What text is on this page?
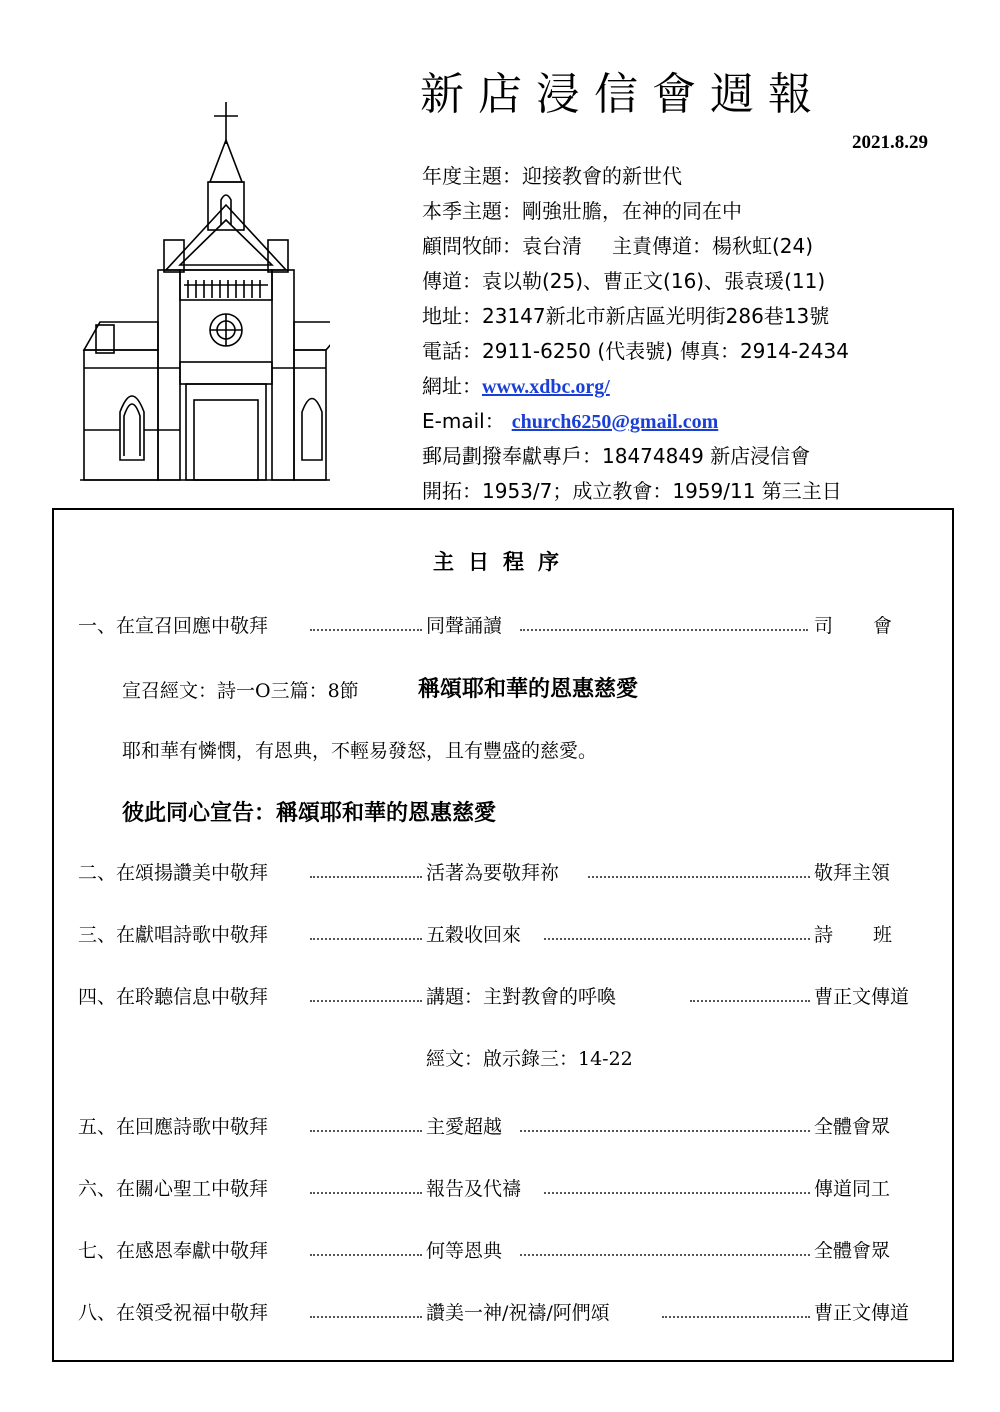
新店浸信會週報
2021.8.29
年度主題：迎接教會的新世代
本季主題：剛強壯膽，在神的同在中
顧問牧師：袁台清 主責傳道：楊秋虹(24)
傳道：袁以勒(25)、曹正文(16)、張袁瑗(11)
地址：23147新北市新店區光明街286巷13號
電話：2911-6250 (代表號) 傳真：2914-2434
網址：www.xdbc.org/
E-mail： church6250@gmail.com
郵局劃撥奉獻專戶：18474849 新店浸信會
開拓：1953/7；成立教會：1959/11 第三主日
主日程序
一、在宣召回應中敬拜	同聲誦讀	司會
宣召經文：詩一O三篇：8節	稱頌耶和華的恩惠慈愛
耶和華有憐憫，有恩典，不輕易發怒，且有豐盛的慈愛。
彼此同心宣告：稱頌耶和華的恩惠慈愛
二、在頌揚讚美中敬拜	活著為要敬拜祢	敬拜主領
三、在獻唱詩歌中敬拜	五穀收回來	詩班
四、在聆聽信息中敬拜	講題：主對教會的呼喚	曹正文傳道
經文：啟示錄三：14-22
五、在回應詩歌中敬拜	主愛超越	全體會眾
六、在關心聖工中敬拜	報告及代禱	傳道同工
七、在感恩奉獻中敬拜	何等恩典	全體會眾
八、在領受祝福中敬拜	讚美一神/祝禱/阿們頌	曹正文傳道
